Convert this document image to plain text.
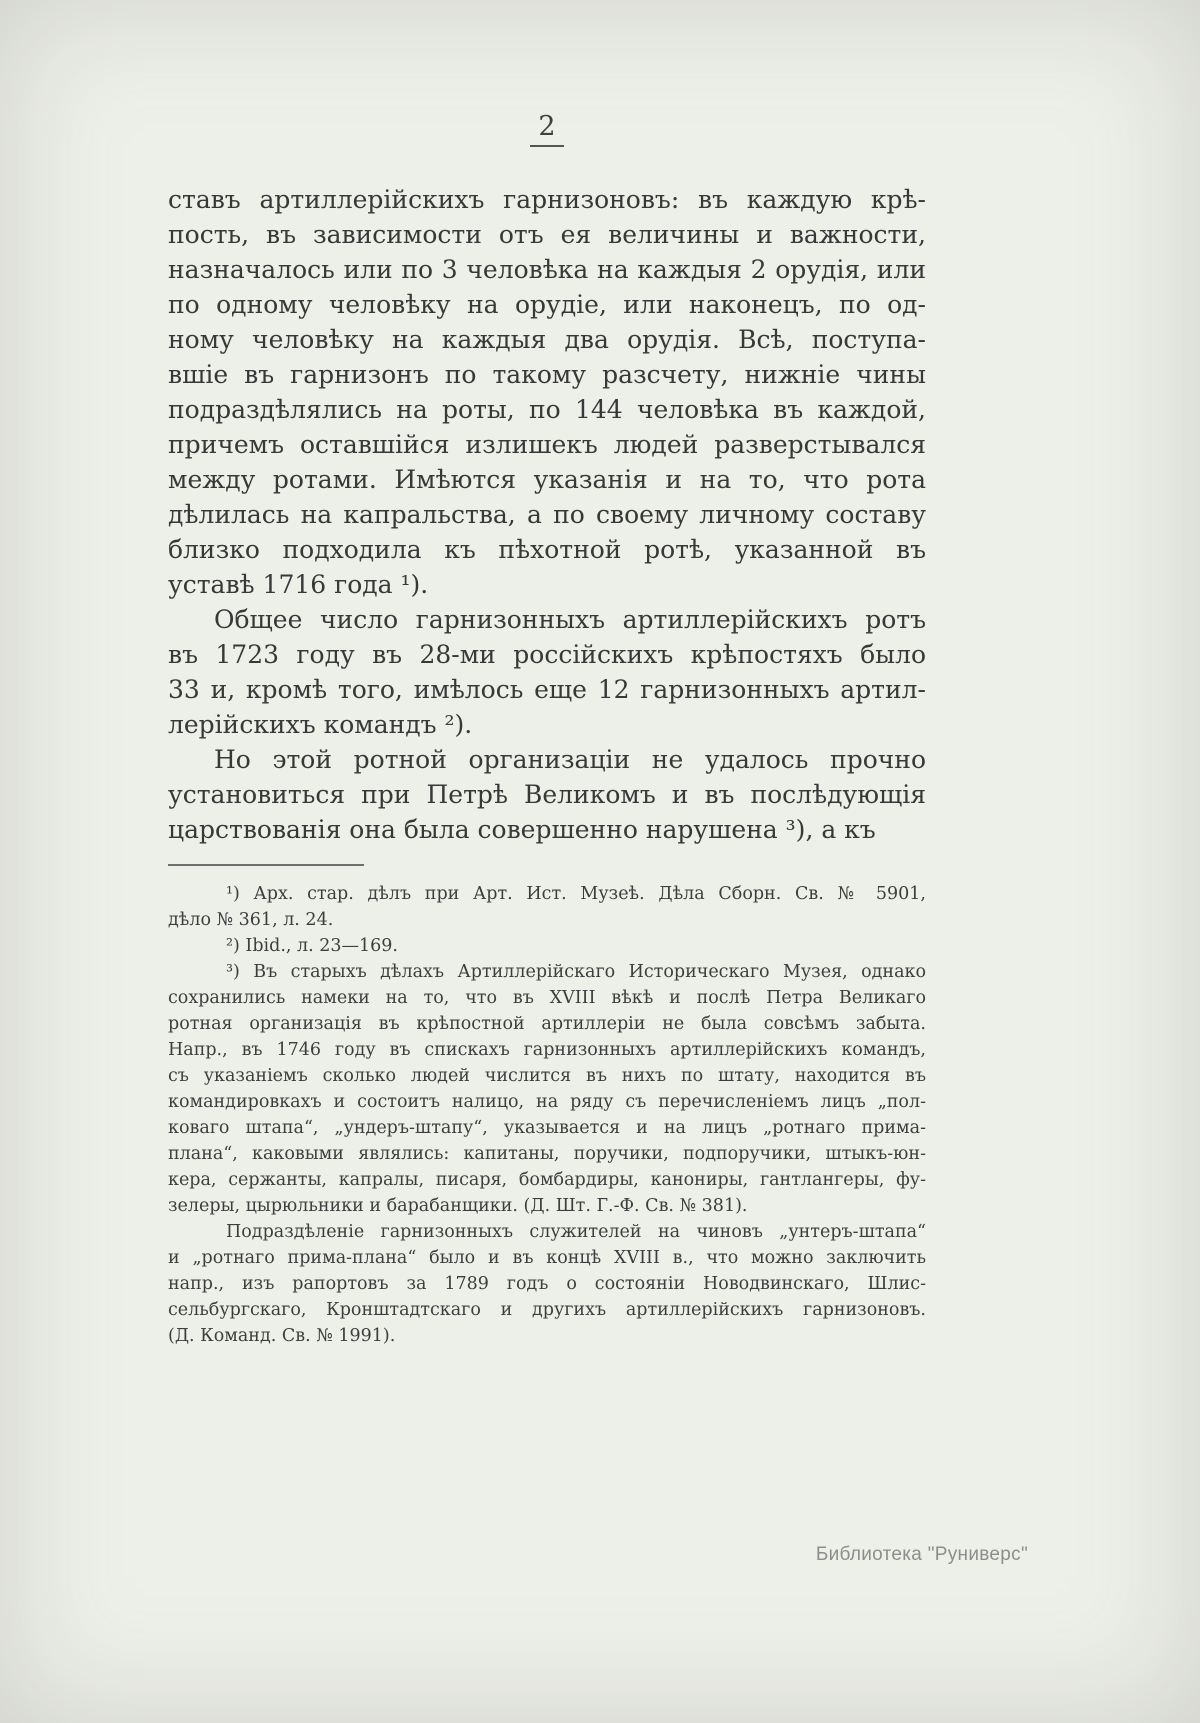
2
ставъ артиллерійскихъ гарнизоновъ: въ каждую крѣ-
пость, въ зависимости отъ ея величины и важности,
назначалось или по 3 человѣка на каждыя 2 орудія, или
по одному человѣку на орудіе, или наконецъ, по од-
ному человѣку на каждыя два орудія. Всѣ, поступа-
вшіе въ гарнизонъ по такому разсчету, нижніе чины
подраздѣлялись на роты, по 144 человѣка въ каждой,
причемъ оставшійся излишекъ людей разверстывался
между ротами. Имѣются указанія и на то, что рота
дѣлилась на капральства, а по своему личному составу
близко подходила къ пѣхотной ротѣ, указанной въ
уставѣ 1716 года ¹).
Общее число гарнизонныхъ артиллерійскихъ ротъ
въ 1723 году въ 28-ми россійскихъ крѣпостяхъ было
33 и, кромѣ того, имѣлось еще 12 гарнизонныхъ артил-
лерійскихъ командъ ²).
Но этой ротной организаціи не удалось прочно
установиться при Петрѣ Великомъ и въ послѣдующія
царствованія она была совершенно нарушена ³), а къ
¹) Арх. стар. дѣлъ при Арт. Ист. Музеѣ. Дѣла Сборн. Св. № 5901,
дѣло № 361, л. 24.
²) Ibid., л. 23—169.
³) Въ старыхъ дѣлахъ Артиллерійскаго Историческаго Музея, однако
сохранились намеки на то, что въ XVIII вѣкѣ и послѣ Петра Великаго
ротная организація въ крѣпостной артиллеріи не была совсѣмъ забыта.
Напр., въ 1746 году въ спискахъ гарнизонныхъ артиллерійскихъ командъ,
съ указаніемъ сколько людей числится въ нихъ по штату, находится въ
командировкахъ и состоитъ налицо, на ряду съ перечисленіемъ лицъ „пол-
коваго штапа“, „ундеръ-штапу“, указывается и на лицъ „ротнаго прима-
плана“, каковыми являлись: капитаны, поручики, подпоручики, штыкъ-юн-
кера, сержанты, капралы, писаря, бомбардиры, канониры, гантлангеры, фу-
зелеры, цырюльники и барабанщики. (Д. Шт. Г.-Ф. Св. № 381).
Подраздѣленіе гарнизонныхъ служителей на чиновъ „унтеръ-штапа“
и „ротнаго прима-плана“ было и въ концѣ XVIII в., что можно заключить
напр., изъ рапортовъ за 1789 годъ о состояніи Новодвинскаго, Шлис-
сельбургскаго, Кронштадтскаго и другихъ артиллерійскихъ гарнизоновъ.
(Д. Команд. Св. № 1991).
Библиотека "Руниверс"
